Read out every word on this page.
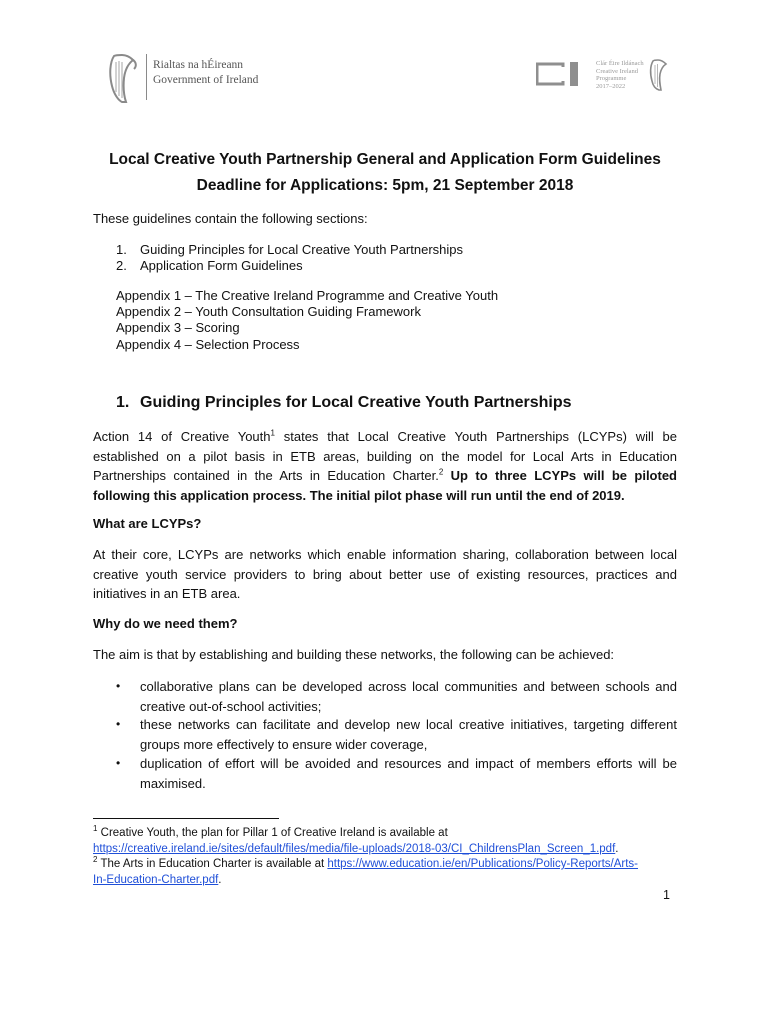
Rialtas na hÉireann
Government of Ireland
Clár Éire Ildánach
Creative Ireland
Programme
2017–2022
Local Creative Youth Partnership General and Application Form Guidelines
Deadline for Applications: 5pm, 21 September 2018
These guidelines contain the following sections:
1. Guiding Principles for Local Creative Youth Partnerships
2. Application Form Guidelines
Appendix 1 – The Creative Ireland Programme and Creative Youth
Appendix 2 – Youth Consultation Guiding Framework
Appendix 3 – Scoring
Appendix 4 – Selection Process
1. Guiding Principles for Local Creative Youth Partnerships
Action 14 of Creative Youth$^1$ states that Local Creative Youth Partnerships (LCYPs) will be established on a pilot basis in ETB areas, building on the model for Local Arts in Education Partnerships contained in the Arts in Education Charter.$^2$ Up to three LCYPs will be piloted following this application process. The initial pilot phase will run until the end of 2019.
What are LCYPs?
At their core, LCYPs are networks which enable information sharing, collaboration between local creative youth service providers to bring about better use of existing resources, practices and initiatives in an ETB area.
Why do we need them?
The aim is that by establishing and building these networks, the following can be achieved:
• collaborative plans can be developed across local communities and between schools and creative out-of-school activities;
• these networks can facilitate and develop new local creative initiatives, targeting different groups more effectively to ensure wider coverage,
• duplication of effort will be avoided and resources and impact of members efforts will be maximised.
$^1$ Creative Youth, the plan for Pillar 1 of Creative Ireland is available at
https://creative.ireland.ie/sites/default/files/media/file-uploads/2018-03/CI_ChildrensPlan_Screen_1.pdf.
$^2$ The Arts in Education Charter is available at https://www.education.ie/en/Publications/Policy-Reports/Arts-
In-Education-Charter.pdf.
1
